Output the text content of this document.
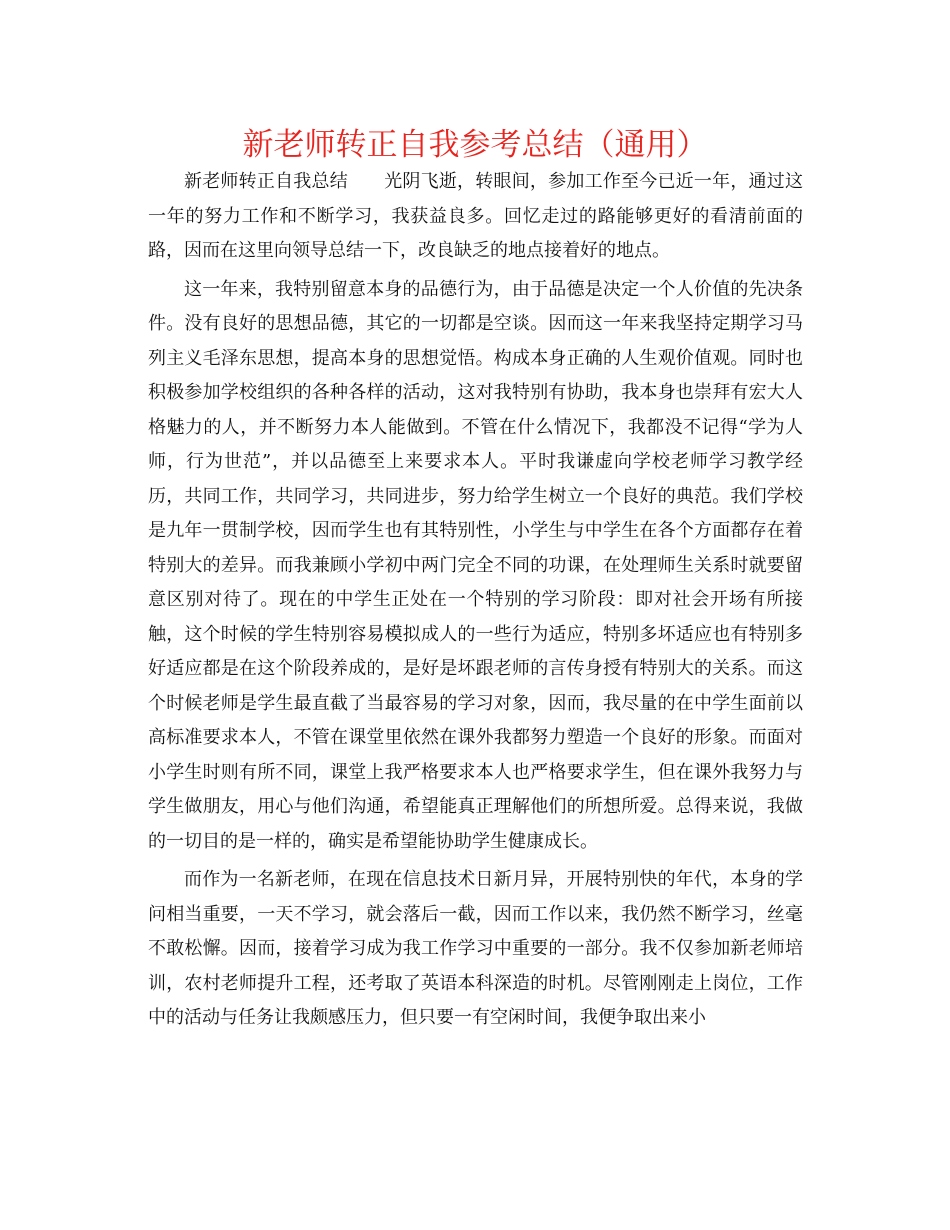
新老师转正自我参考总结（通用）

新老师转正自我总结 光阴飞逝，转眼间，参加工作至今已近一年，通过这一年的努力工作和不断学习，我获益良多。回忆走过的路能够更好的看清前面的路，因而在这里向领导总结一下，改良缺乏的地点接着好的地点。

这一年来，我特别留意本身的品德行为，由于品德是决定一个人价值的先决条件。没有良好的思想品德，其它的一切都是空谈。因而这一年来我坚持定期学习马列主义毛泽东思想，提高本身的思想觉悟。构成本身正确的人生观价值观。同时也积极参加学校组织的各种各样的活动，这对我特别有协助，我本身也崇拜有宏大人格魅力的人，并不断努力本人能做到。不管在什么情况下，我都没不记得“学为人师，行为世范”，并以品德至上来要求本人。平时我谦虚向学校老师学习教学经历，共同工作，共同学习，共同进步，努力给学生树立一个良好的典范。我们学校是九年一贯制学校，因而学生也有其特别性，小学生与中学生在各个方面都存在着特别大的差异。而我兼顾小学初中两门完全不同的功课，在处理师生关系时就要留意区别对待了。现在的中学生正处在一个特别的学习阶段：即对社会开场有所接触，这个时候的学生特别容易模拟成人的一些行为适应，特别多坏适应也有特别多好适应都是在这个阶段养成的，是好是坏跟老师的言传身授有特别大的关系。而这个时候老师是学生最直截了当最容易的学习对象，因而，我尽量的在中学生面前以高标准要求本人，不管在课堂里依然在课外我都努力塑造一个良好的形象。而面对小学生时则有所不同，课堂上我严格要求本人也严格要求学生，但在课外我努力与学生做朋友，用心与他们沟通，希望能真正理解他们的所想所爱。总得来说，我做的一切目的是一样的，确实是希望能协助学生健康成长。

而作为一名新老师，在现在信息技术日新月异，开展特别快的年代，本身的学问相当重要，一天不学习，就会落后一截，因而工作以来，我仍然不断学习，丝毫不敢松懈。因而，接着学习成为我工作学习中重要的一部分。我不仅参加新老师培训，农村老师提升工程，还考取了英语本科深造的时机。尽管刚刚走上岗位，工作中的活动与任务让我颇感压力，但只要一有空闲时间，我便争取出来小
